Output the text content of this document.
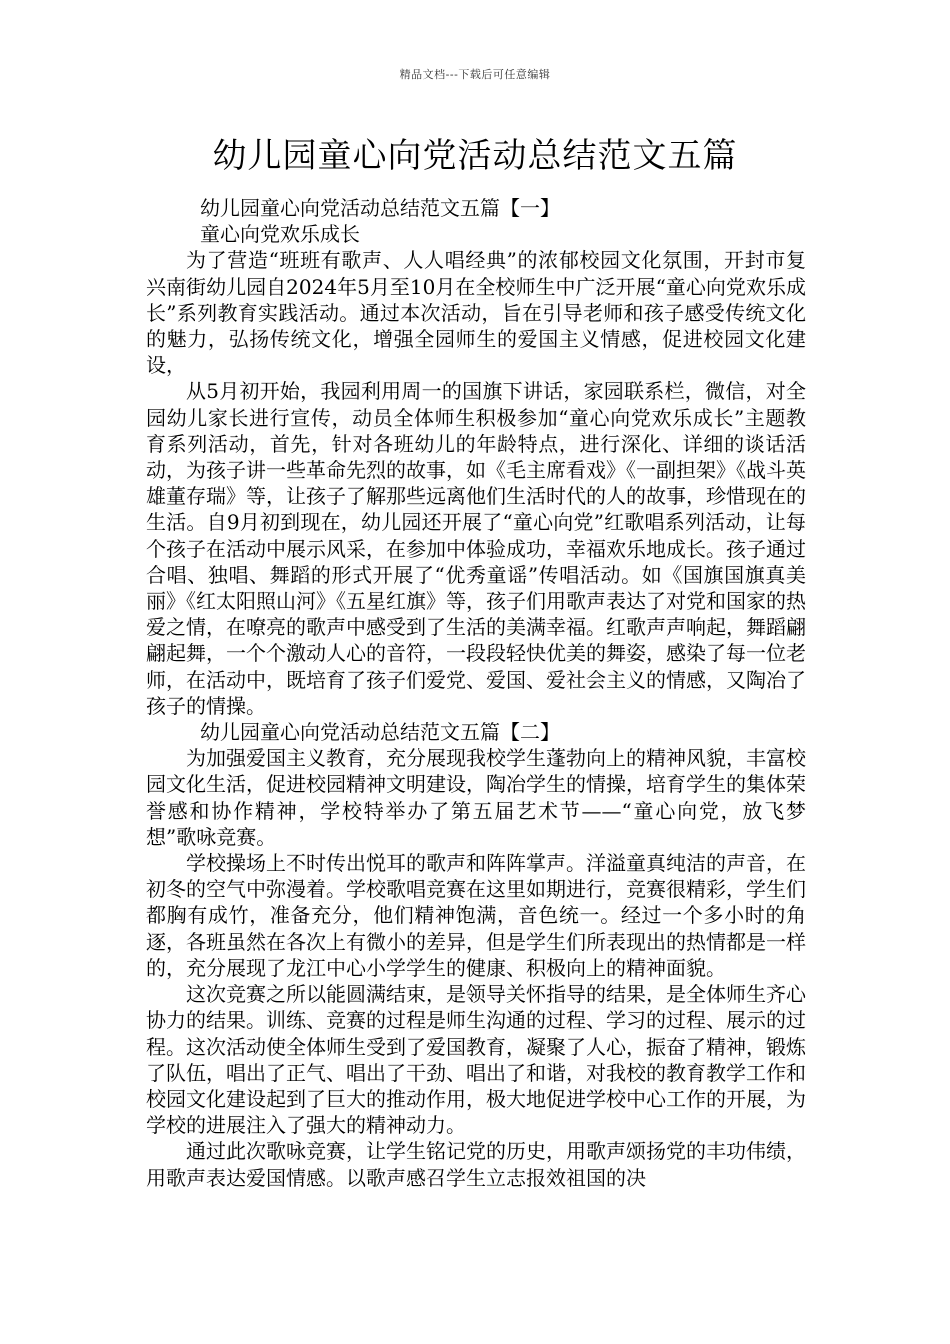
精品文档---下载后可任意编辑
幼儿园童心向党活动总结范文五篇

幼儿园童心向党活动总结范文五篇【一】

童心向党欢乐成长

为了营造“班班有歌声、人人唱经典”的浓郁校园文化氛围，开封市复兴南街幼儿园自2024年5月至10月在全校师生中广泛开展“童心向党欢乐成长”系列教育实践活动。通过本次活动，旨在引导老师和孩子感受传统文化的魅力，弘扬传统文化，增强全园师生的爱国主义情感，促进校园文化建设，

从5月初开始，我园利用周一的国旗下讲话，家园联系栏，微信，对全园幼儿家长进行宣传，动员全体师生积极参加“童心向党欢乐成长”主题教育系列活动，首先，针对各班幼儿的年龄特点，进行深化、详细的谈话活动，为孩子讲一些革命先烈的故事，如《毛主席看戏》《一副担架》《战斗英雄董存瑞》等，让孩子了解那些远离他们生活时代的人的故事，珍惜现在的生活。自9月初到现在，幼儿园还开展了“童心向党”红歌唱系列活动，让每个孩子在活动中展示风采，在参加中体验成功，幸福欢乐地成长。孩子通过合唱、独唱、舞蹈的形式开展了“优秀童谣”传唱活动。如《国旗国旗真美丽》《红太阳照山河》《五星红旗》等，孩子们用歌声表达了对党和国家的热爱之情，在嘹亮的歌声中感受到了生活的美满幸福。红歌声声响起，舞蹈翩翩起舞，一个个激动人心的音符，一段段轻快优美的舞姿，感染了每一位老师，在活动中，既培育了孩子们爱党、爱国、爱社会主义的情感，又陶冶了孩子的情操。

幼儿园童心向党活动总结范文五篇【二】

为加强爱国主义教育，充分展现我校学生蓬勃向上的精神风貌，丰富校园文化生活，促进校园精神文明建设，陶冶学生的情操，培育学生的集体荣誉感和协作精神，学校特举办了第五届艺术节——“童心向党，放飞梦想”歌咏竞赛。

学校操场上不时传出悦耳的歌声和阵阵掌声。洋溢童真纯洁的声音，在初冬的空气中弥漫着。学校歌唱竞赛在这里如期进行，竞赛很精彩，学生们都胸有成竹，准备充分，他们精神饱满，音色统一。经过一个多小时的角逐，各班虽然在各次上有微小的差异，但是学生们所表现出的热情都是一样的，充分展现了龙江中心小学学生的健康、积极向上的精神面貌。

这次竞赛之所以能圆满结束，是领导关怀指导的结果，是全体师生齐心协力的结果。训练、竞赛的过程是师生沟通的过程、学习的过程、展示的过程。这次活动使全体师生受到了爱国教育，凝聚了人心，振奋了精神，锻炼了队伍，唱出了正气、唱出了干劲、唱出了和谐，对我校的教育教学工作和校园文化建设起到了巨大的推动作用，极大地促进学校中心工作的开展，为学校的进展注入了强大的精神动力。

通过此次歌咏竞赛，让学生铭记党的历史，用歌声颂扬党的丰功伟绩，用歌声表达爱国情感。以歌声感召学生立志报效祖国的决
